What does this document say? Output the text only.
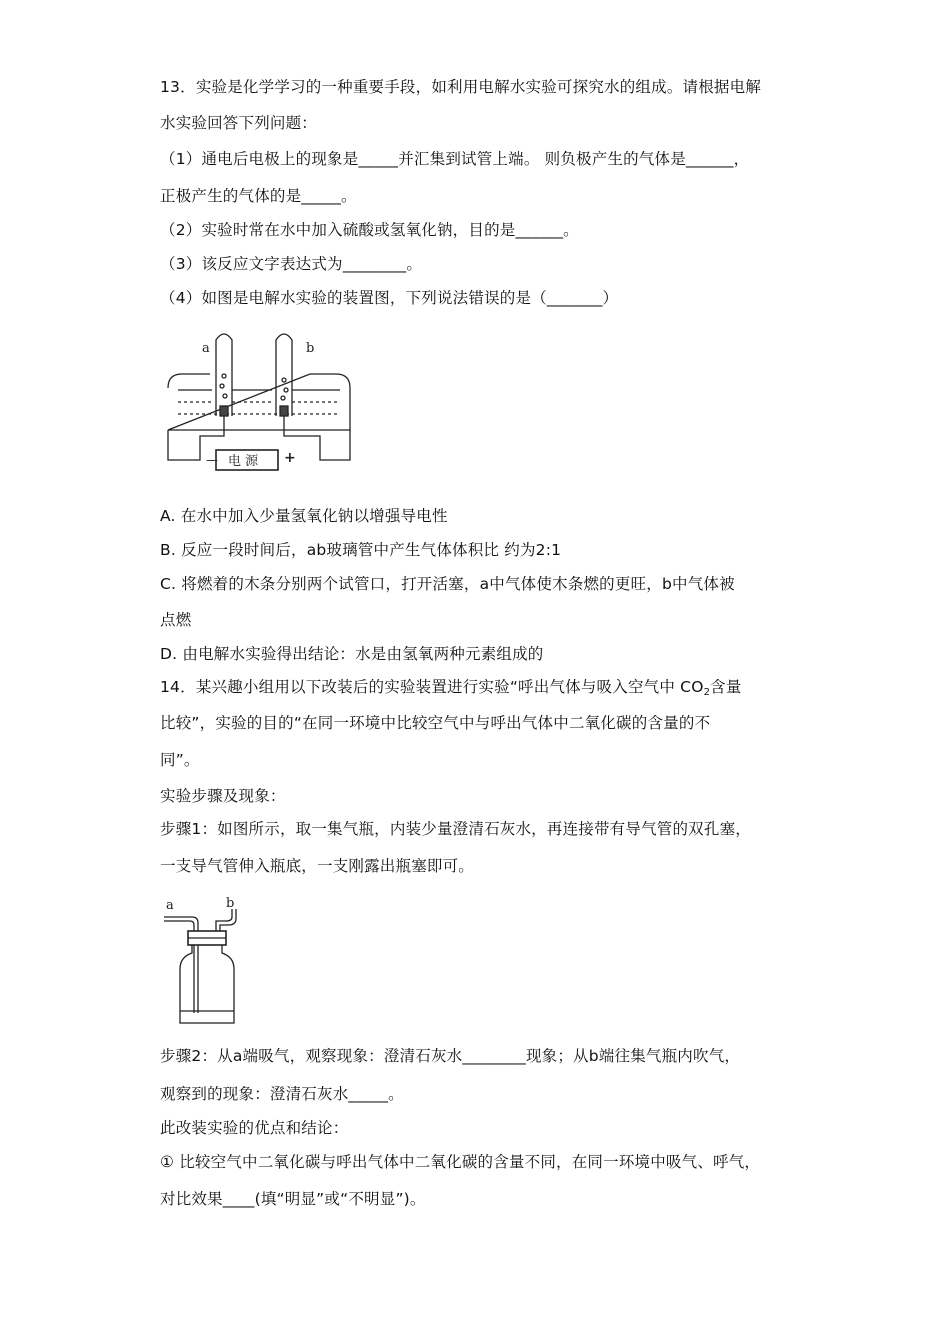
13．实验是化学学习的一种重要手段，如利用电解水实验可探究水的组成。请根据电解
水实验回答下列问题：
（1）通电后电极上的现象是_____并汇集到试管上端。 则负极产生的气体是______，
正极产生的气体的是_____。
（2）实验时常在水中加入硫酸或氢氧化钠，目的是______。
（3）该反应文字表达式为________。
（4）如图是电解水实验的装置图，下列说法错误的是（_______）
a	b
—	+
电 源
A. 在水中加入少量氢氧化钠以增强导电性
B. 反应一段时间后，ab玻璃管中产生气体体积比 约为2:1
C. 将燃着的木条分别两个试管口，打开活塞，a中气体使木条燃的更旺，b中气体被
点燃
D. 由电解水实验得出结论：水是由氢氧两种元素组成的
14．某兴趣小组用以下改装后的实验装置进行实验“呼出气体与吸入空气中 $CO_2$含量
比较”，实验的目的“在同一环境中比较空气中与呼出气体中二氧化碳的含量的不
同”。
实验步骤及现象：
步骤1：如图所示，取一集气瓶，内装少量澄清石灰水，再连接带有导气管的双孔塞，
一支导气管伸入瓶底，一支刚露出瓶塞即可。
a	b
步骤2：从a端吸气，观察现象：澄清石灰水________现象；从b端往集气瓶内吹气，
观察到的现象：澄清石灰水_____。
此改装实验的优点和结论：
① 比较空气中二氧化碳与呼出气体中二氧化碳的含量不同，在同一环境中吸气、呼气，
对比效果____(填“明显”或“不明显”)。
